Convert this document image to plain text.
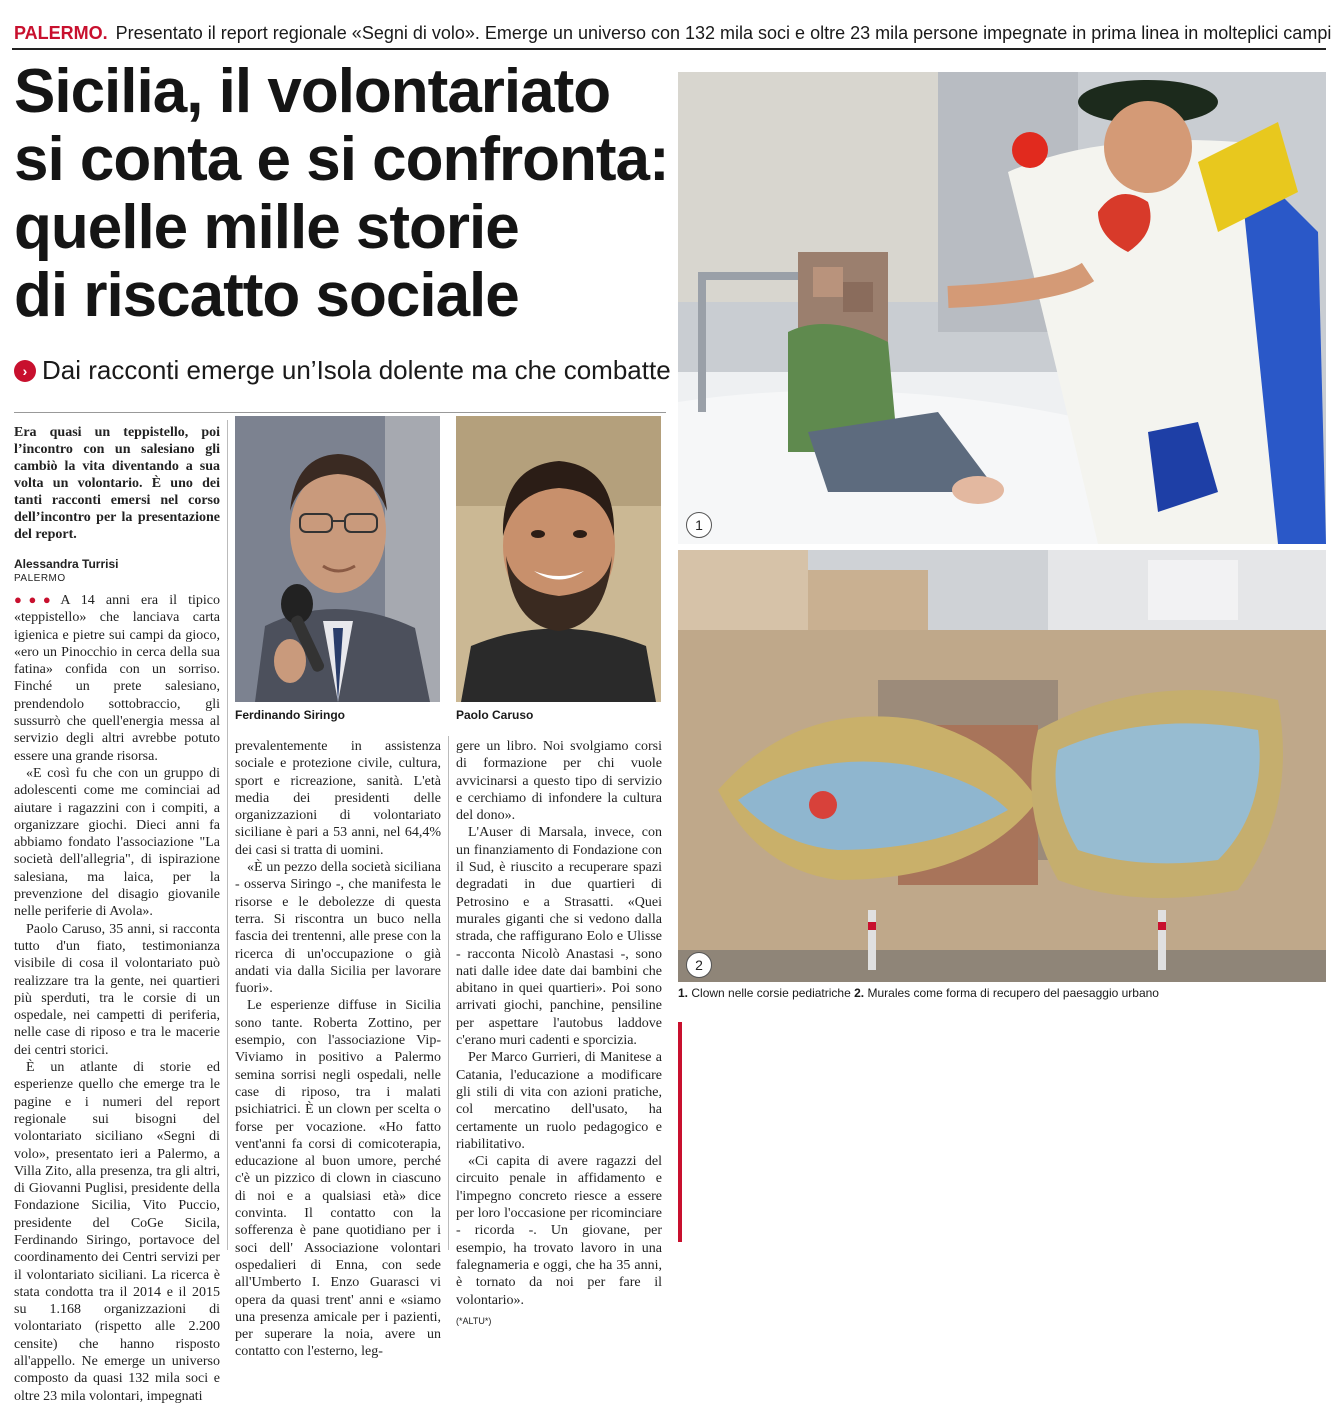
PALERMO. Presentato il report regionale «Segni di volo». Emerge un universo con 132 mila soci e oltre 23 mila persone impegnate in prima linea in molteplici campi
Sicilia, il volontariato
si conta e si confronta:
quelle mille storie
di riscatto sociale
› Dai racconti emerge un’Isola dolente ma che combatte

Era quasi un teppistello, poi l’incontro con un salesiano gli cambiò la vita diventando a sua volta un volontario. È uno dei tanti racconti emersi nel corso dell’incontro per la presentazione del report.

Alessandra Turrisi
PALERMO

●●● A 14 anni era il tipico «teppistello» che lanciava carta igienica e pietre sui campi da gioco, «ero un Pinocchio in cerca della sua fatina» confida con un sorriso. Finché un prete salesiano, prendendolo sottobraccio, gli sussurrò che quell'energia messa al servizio degli altri avrebbe potuto essere una grande risorsa.

«E così fu che con un gruppo di adolescenti come me cominciai ad aiutare i ragazzini con i compiti, a organizzare giochi. Dieci anni fa abbiamo fondato l'associazione "La società dell'allegria", di ispirazione salesiana, ma laica, per la prevenzione del disagio giovanile nelle periferie di Avola».

Paolo Caruso, 35 anni, si racconta tutto d'un fiato, testimonianza visibile di cosa il volontariato può realizzare tra la gente, nei quartieri più sperduti, tra le corsie di un ospedale, nei campetti di periferia, nelle case di riposo e tra le macerie dei centri storici.

È un atlante di storie ed esperienze quello che emerge tra le pagine e i numeri del report regionale sui bisogni del volontariato siciliano «Segni di volo», presentato ieri a Palermo, a Villa Zito, alla presenza, tra gli altri, di Giovanni Puglisi, presidente della Fondazione Sicilia, Vito Puccio, presidente del CoGe Sicila, Ferdinando Siringo, portavoce del coordinamento dei Centri servizi per il volontariato siciliani. La ricerca è stata condotta tra il 2014 e il 2015 su 1.168 organizzazioni di volontariato (rispetto alle 2.200 censite) che hanno risposto all'appello. Ne emerge un universo composto da quasi 132 mila soci e oltre 23 mila volontari, impegnati

Ferdinando Siringo	Paolo Caruso

prevalentemente in assistenza sociale e protezione civile, cultura, sport e ricreazione, sanità. L'età media dei presidenti delle organizzazioni di volontariato siciliane è pari a 53 anni, nel 64,4% dei casi si tratta di uomini.

«È un pezzo della società siciliana - osserva Siringo -, che manifesta le risorse e le debolezze di questa terra. Si riscontra un buco nella fascia dei trentenni, alle prese con la ricerca di un'occupazione o già andati via dalla Sicilia per lavorare fuori».

Le esperienze diffuse in Sicilia sono tante. Roberta Zottino, per esempio, con l'associazione Vip-Viviamo in positivo a Palermo semina sorrisi negli ospedali, nelle case di riposo, tra i malati psichiatrici. È un clown per scelta o forse per vocazione. «Ho fatto vent'anni fa corsi di comicoterapia, educazione al buon umore, perché c'è un pizzico di clown in ciascuno di noi e a qualsiasi età» dice convinta. Il contatto con la sofferenza è pane quotidiano per i soci dell' Associazione volontari ospedalieri di Enna, con sede all'Umberto I. Enzo Guarasci vi opera da quasi trent' anni e «siamo una presenza amicale per i pazienti, per superare la noia, avere un contatto con l'esterno, leg-

gere un libro. Noi svolgiamo corsi di formazione per chi vuole avvicinarsi a questo tipo di servizio e cerchiamo di infondere la cultura del dono».

L'Auser di Marsala, invece, con un finanziamento di Fondazione con il Sud, è riuscito a recuperare spazi degradati in due quartieri di Petrosino e a Strasatti. «Quei murales giganti che si vedono dalla strada, che raffigurano Eolo e Ulisse - racconta Nicolò Anastasi -, sono nati dalle idee date dai bambini che abitano in quei quartieri». Poi sono arrivati giochi, panchine, pensiline per aspettare l'autobus laddove c'erano muri cadenti e sporcizia.

Per Marco Gurrieri, di Manitese a Catania, l'educazione a modificare gli stili di vita con azioni pratiche, col mercatino dell'usato, ha certamente un ruolo pedagogico e riabilitativo.

«Ci capita di avere ragazzi del circuito penale in affidamento e l'impegno concreto riesce a essere per loro l'occasione per ricominciare - ricorda -. Un giovane, per esempio, ha trovato lavoro in una falegnameria e oggi, che ha 35 anni, è tornato da noi per fare il volontario».

(*ALTU*)
1
2
1. Clown nelle corsie pediatriche 2. Murales come forma di recupero del paesaggio urbano
